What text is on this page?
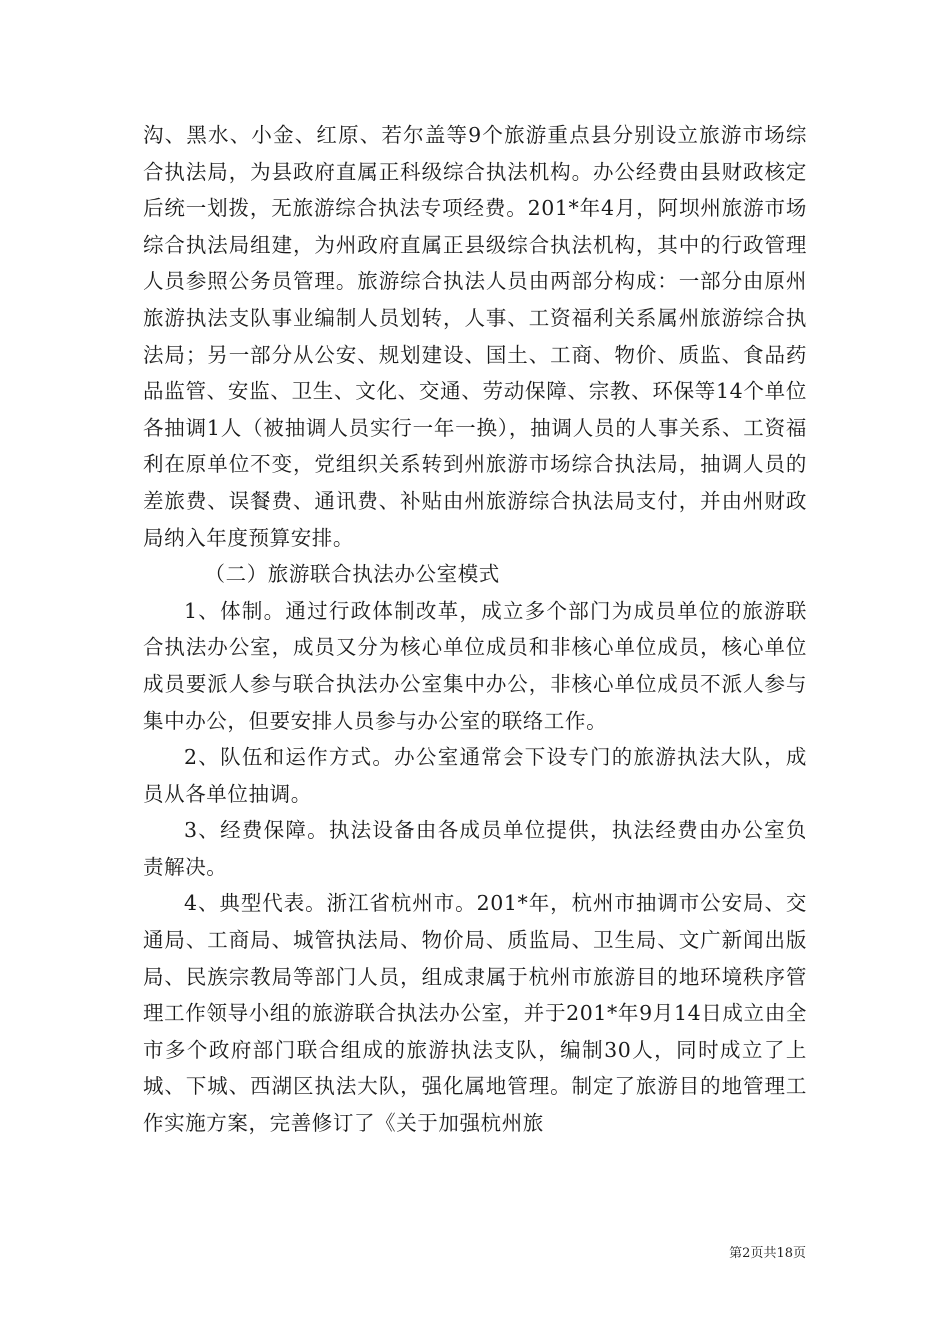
沟、黑水、小金、红原、若尔盖等9个旅游重点县分别设立旅游市场综合执法局，为县政府直属正科级综合执法机构。办公经费由县财政核定后统一划拨，无旅游综合执法专项经费。201*年4月，阿坝州旅游市场综合执法局组建，为州政府直属正县级综合执法机构，其中的行政管理人员参照公务员管理。旅游综合执法人员由两部分构成：一部分由原州旅游执法支队事业编制人员划转，人事、工资福利关系属州旅游综合执法局；另一部分从公安、规划建设、国土、工商、物价、质监、食品药品监管、安监、卫生、文化、交通、劳动保障、宗教、环保等14个单位各抽调1人（被抽调人员实行一年一换），抽调人员的人事关系、工资福利在原单位不变，党组织关系转到州旅游市场综合执法局，抽调人员的差旅费、误餐费、通讯费、补贴由州旅游综合执法局支付，并由州财政局纳入年度预算安排。

（二）旅游联合执法办公室模式

1、体制。通过行政体制改革，成立多个部门为成员单位的旅游联合执法办公室，成员又分为核心单位成员和非核心单位成员，核心单位成员要派人参与联合执法办公室集中办公，非核心单位成员不派人参与集中办公，但要安排人员参与办公室的联络工作。

2、队伍和运作方式。办公室通常会下设专门的旅游执法大队，成员从各单位抽调。

3、经费保障。执法设备由各成员单位提供，执法经费由办公室负责解决。

4、典型代表。浙江省杭州市。201*年，杭州市抽调市公安局、交通局、工商局、城管执法局、物价局、质监局、卫生局、文广新闻出版局、民族宗教局等部门人员，组成隶属于杭州市旅游目的地环境秩序管理工作领导小组的旅游联合执法办公室，并于201*年9月14日成立由全市多个政府部门联合组成的旅游执法支队，编制30人，同时成立了上城、下城、西湖区执法大队，强化属地管理。制定了旅游目的地管理工作实施方案，完善修订了《关于加强杭州旅

第2页共18页
